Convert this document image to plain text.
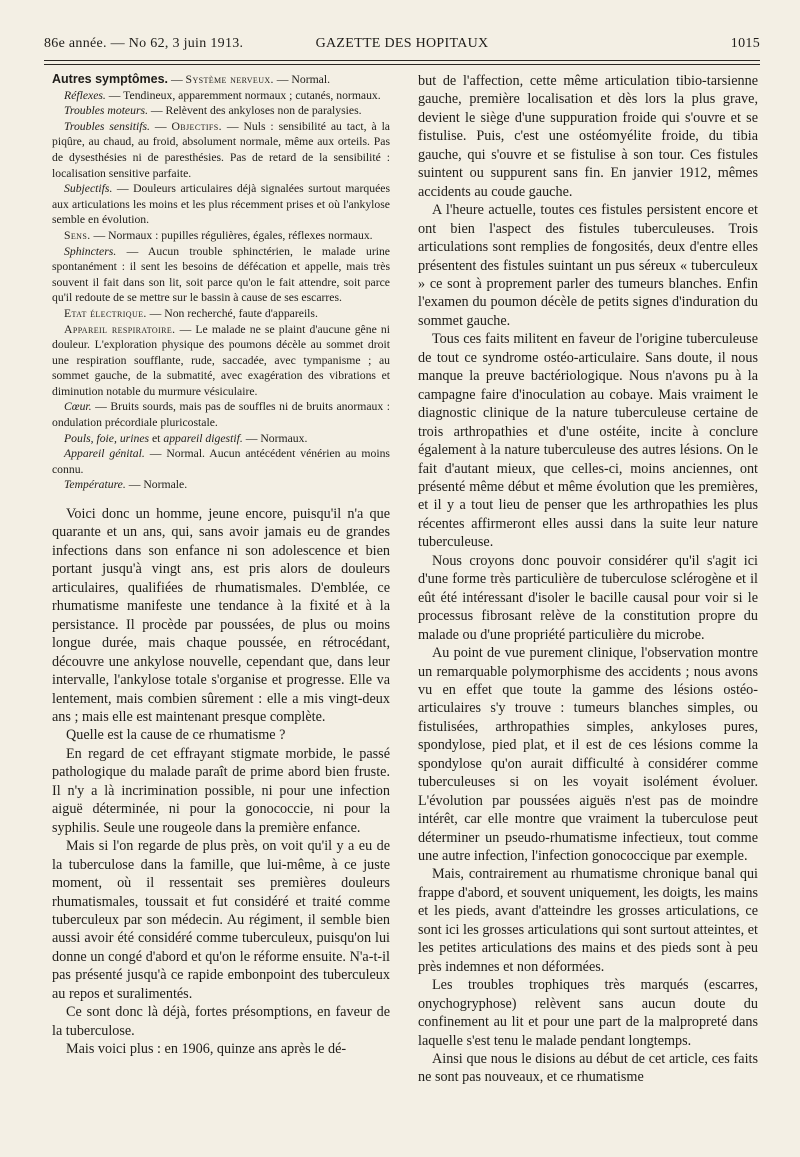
86e année. — No 62, 3 juin 1913.	GAZETTE DES HOPITAUX	1015

Autres symptômes. — Système nerveux. — Normal.

Réflexes. — Tendineux, apparemment normaux ; cutanés, normaux.

Troubles moteurs. — Relèvent des ankyloses non de paralysies.

Troubles sensitifs. — Objectifs. — Nuls : sensibilité au tact, à la piqûre, au chaud, au froid, absolument normale, même aux orteils. Pas de dysesthésies ni de paresthésies. Pas de retard de la sensibilité : localisation sensitive parfaite.

Subjectifs. — Douleurs articulaires déjà signalées surtout marquées aux articulations les moins et les plus récemment prises et où l'ankylose semble en évolution.

Sens. — Normaux : pupilles régulières, égales, réflexes normaux.

Sphincters. — Aucun trouble sphinctérien, le malade urine spontanément : il sent les besoins de défécation et appelle, mais très souvent il fait dans son lit, soit parce qu'on le fait attendre, soit parce qu'il redoute de se mettre sur le bassin à cause de ses escarres.

Etat électrique. — Non recherché, faute d'appareils.

Appareil respiratoire. — Le malade ne se plaint d'aucune gêne ni douleur. L'exploration physique des poumons décèle au sommet droit une respiration soufflante, rude, saccadée, avec tympanisme ; au sommet gauche, de la submatité, avec exagération des vibrations et diminution notable du murmure vésiculaire.

Cœur. — Bruits sourds, mais pas de souffles ni de bruits anormaux : ondulation précordiale pluricostale.

Pouls, foie, urines et appareil digestif. — Normaux.

Appareil génital. — Normal. Aucun antécédent vénérien au moins connu.

Température. — Normale.

Voici donc un homme, jeune encore, puisqu'il n'a que quarante et un ans, qui, sans avoir jamais eu de grandes infections dans son enfance ni son adolescence et bien portant jusqu'à vingt ans, est pris alors de douleurs articulaires, qualifiées de rhumatismales. D'emblée, ce rhumatisme manifeste une tendance à la fixité et à la persistance. Il procède par poussées, de plus ou moins longue durée, mais chaque poussée, en rétrocédant, découvre une ankylose nouvelle, cependant que, dans leur intervalle, l'ankylose totale s'organise et progresse. Elle va lentement, mais combien sûrement : elle a mis vingt-deux ans ; mais elle est maintenant presque complète.

Quelle est la cause de ce rhumatisme ?

En regard de cet effrayant stigmate morbide, le passé pathologique du malade paraît de prime abord bien fruste. Il n'y a là incrimination possible, ni pour une infection aiguë déterminée, ni pour la gonococcie, ni pour la syphilis. Seule une rougeole dans la première enfance.

Mais si l'on regarde de plus près, on voit qu'il y a eu de la tuberculose dans la famille, que lui-même, à ce juste moment, où il ressentait ses premières douleurs rhumatismales, toussait et fut considéré et traité comme tuberculeux par son médecin. Au régiment, il semble bien aussi avoir été considéré comme tuberculeux, puisqu'on lui donne un congé d'abord et qu'on le réforme ensuite. N'a-t-il pas présenté jusqu'à ce rapide embonpoint des tuberculeux au repos et suralimentés.

Ce sont donc là déjà, fortes présomptions, en faveur de la tuberculose.

Mais voici plus : en 1906, quinze ans après le dé-

but de l'affection, cette même articulation tibio-tarsienne gauche, première localisation et dès lors la plus grave, devient le siège d'une suppuration froide qui s'ouvre et se fistulise. Puis, c'est une ostéomyélite froide, du tibia gauche, qui s'ouvre et se fistulise à son tour. Ces fistules suintent ou suppurent sans fin. En janvier 1912, mêmes accidents au coude gauche.

A l'heure actuelle, toutes ces fistules persistent encore et ont bien l'aspect des fistules tuberculeuses. Trois articulations sont remplies de fongosités, deux d'entre elles présentent des fistules suintant un pus séreux « tuberculeux » ce sont à proprement parler des tumeurs blanches. Enfin l'examen du poumon décèle de petits signes d'induration du sommet gauche.

Tous ces faits militent en faveur de l'origine tuberculeuse de tout ce syndrome ostéo-articulaire. Sans doute, il nous manque la preuve bactériologique. Nous n'avons pu à la campagne faire d'inoculation au cobaye. Mais vraiment le diagnostic clinique de la nature tuberculeuse certaine de trois arthropathies et d'une ostéite, incite à conclure également à la nature tuberculeuse des autres lésions. On le fait d'autant mieux, que celles-ci, moins anciennes, ont présenté même début et même évolution que les premières, et il y a tout lieu de penser que les arthropathies les plus récentes affirmeront elles aussi dans la suite leur nature tuberculeuse.

Nous croyons donc pouvoir considérer qu'il s'agit ici d'une forme très particulière de tuberculose sclérogène et il eût été intéressant d'isoler le bacille causal pour voir si le processus fibrosant relève de la constitution propre du malade ou d'une propriété particulière du microbe.

Au point de vue purement clinique, l'observation montre un remarquable polymorphisme des accidents ; nous avons vu en effet que toute la gamme des lésions ostéo-articulaires s'y trouve : tumeurs blanches simples, ou fistulisées, arthropathies simples, ankyloses pures, spondylose, pied plat, et il est de ces lésions comme la spondylose qu'on aurait difficulté à considérer comme tuberculeuses si on les voyait isolément évoluer. L'évolution par poussées aiguës n'est pas de moindre intérêt, car elle montre que vraiment la tuberculose peut déterminer un pseudo-rhumatisme infectieux, tout comme une autre infection, l'infection gonococcique par exemple.

Mais, contrairement au rhumatisme chronique banal qui frappe d'abord, et souvent uniquement, les doigts, les mains et les pieds, avant d'atteindre les grosses articulations, ce sont ici les grosses articulations qui sont surtout atteintes, et les petites articulations des mains et des pieds sont à peu près indemnes et non déformées.

Les troubles trophiques très marqués (escarres, onychogryphose) relèvent sans aucun doute du confinement au lit et pour une part de la malpropreté dans laquelle s'est tenu le malade pendant longtemps.

Ainsi que nous le disions au début de cet article, ces faits ne sont pas nouveaux, et ce rhumatisme
